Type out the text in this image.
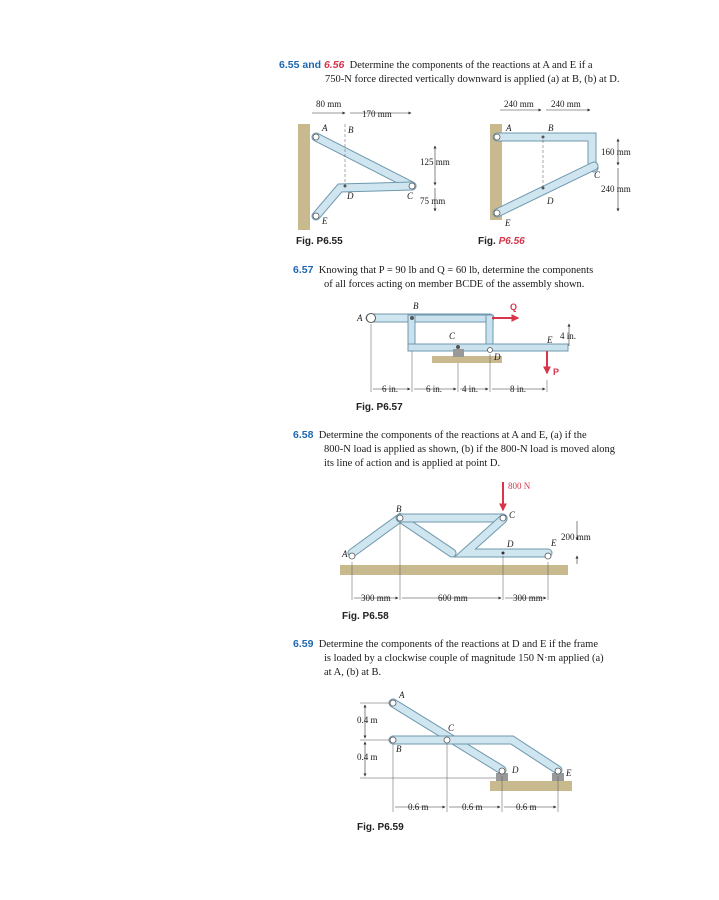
6.55 and 6.56 Determine the components of the reactions at A and E if a
750-N force directed vertically downward is applied (a) at B, (b) at D.
80 mm
170 mm
125 mm
75 mm
A B
C
D
E
240 mm 240 mm
160 mm
240 mm
A	B
C
D
E
6 in.	6 in. 4 in.	8 in.
4 in.
A
B
C
D
E
Q
P
300 mm	600 mm	300 mm
200 mm
800 N
A
B
C
D	E
0.4 m
0.4 m
0.6 m	0.6 m	0.6 m
A
B
C
D	E
Fig. P6.55	Fig. P6.56
6.57 Knowing that P = 90 lb and Q = 60 lb, determine the components
of all forces acting on member BCDE of the assembly shown.
Fig. P6.57
6.58 Determine the components of the reactions at A and E, (a) if the
800-N load is applied as shown, (b) if the 800-N load is moved along
its line of action and is applied at point D.
Fig. P6.58
6.59 Determine the components of the reactions at D and E if the frame
is loaded by a clockwise couple of magnitude 150 N·m applied (a)
at A, (b) at B.
Fig. P6.59
